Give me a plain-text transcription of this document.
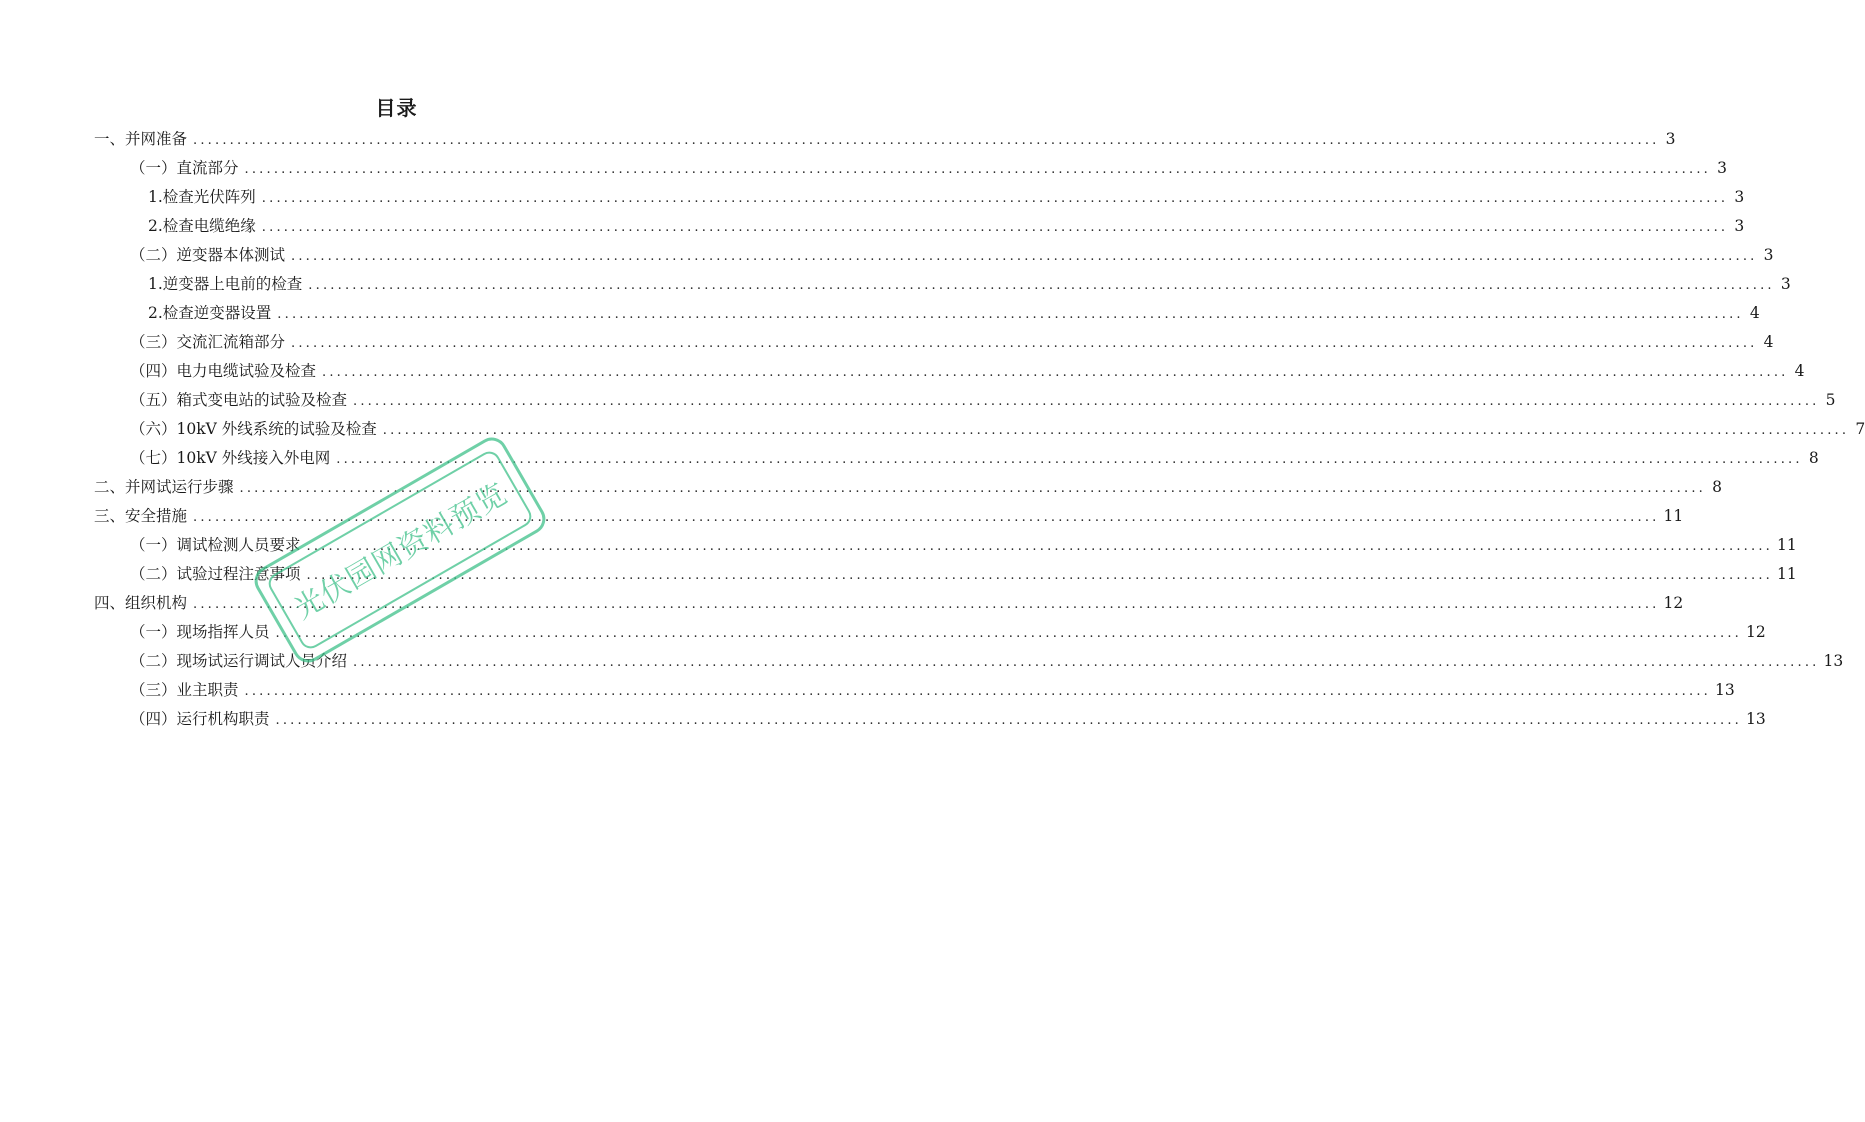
目录
一、并网准备 ........................................................................................................................................................................................................ 3
（一）直流部分 ........................................................................................................................................................................................................ 3
1.检查光伏阵列 ........................................................................................................................................................................................................ 3
2.检查电缆绝缘 ........................................................................................................................................................................................................ 3
（二）逆变器本体测试 ........................................................................................................................................................................................................ 3
1.逆变器上电前的检查 ........................................................................................................................................................................................................ 3
2.检查逆变器设置 ........................................................................................................................................................................................................ 4
（三）交流汇流箱部分 ........................................................................................................................................................................................................ 4
（四）电力电缆试验及检查 ........................................................................................................................................................................................................ 4
（五）箱式变电站的试验及检查 ........................................................................................................................................................................................................ 5
（六）10kV 外线系统的试验及检查 ........................................................................................................................................................................................................ 7
（七）10kV 外线接入外电网 ........................................................................................................................................................................................................ 8
二、并网试运行步骤 ........................................................................................................................................................................................................ 8
三、安全措施 ........................................................................................................................................................................................................ 11
（一）调试检测人员要求 ........................................................................................................................................................................................................ 11
（二）试验过程注意事项 ........................................................................................................................................................................................................ 11
四、组织机构 ........................................................................................................................................................................................................ 12
（一）现场指挥人员 ........................................................................................................................................................................................................ 12
（二）现场试运行调试人员介绍 ........................................................................................................................................................................................................ 13
（三）业主职责 ........................................................................................................................................................................................................ 13
（四）运行机构职责 ........................................................................................................................................................................................................ 13
光伏园网资料预览
